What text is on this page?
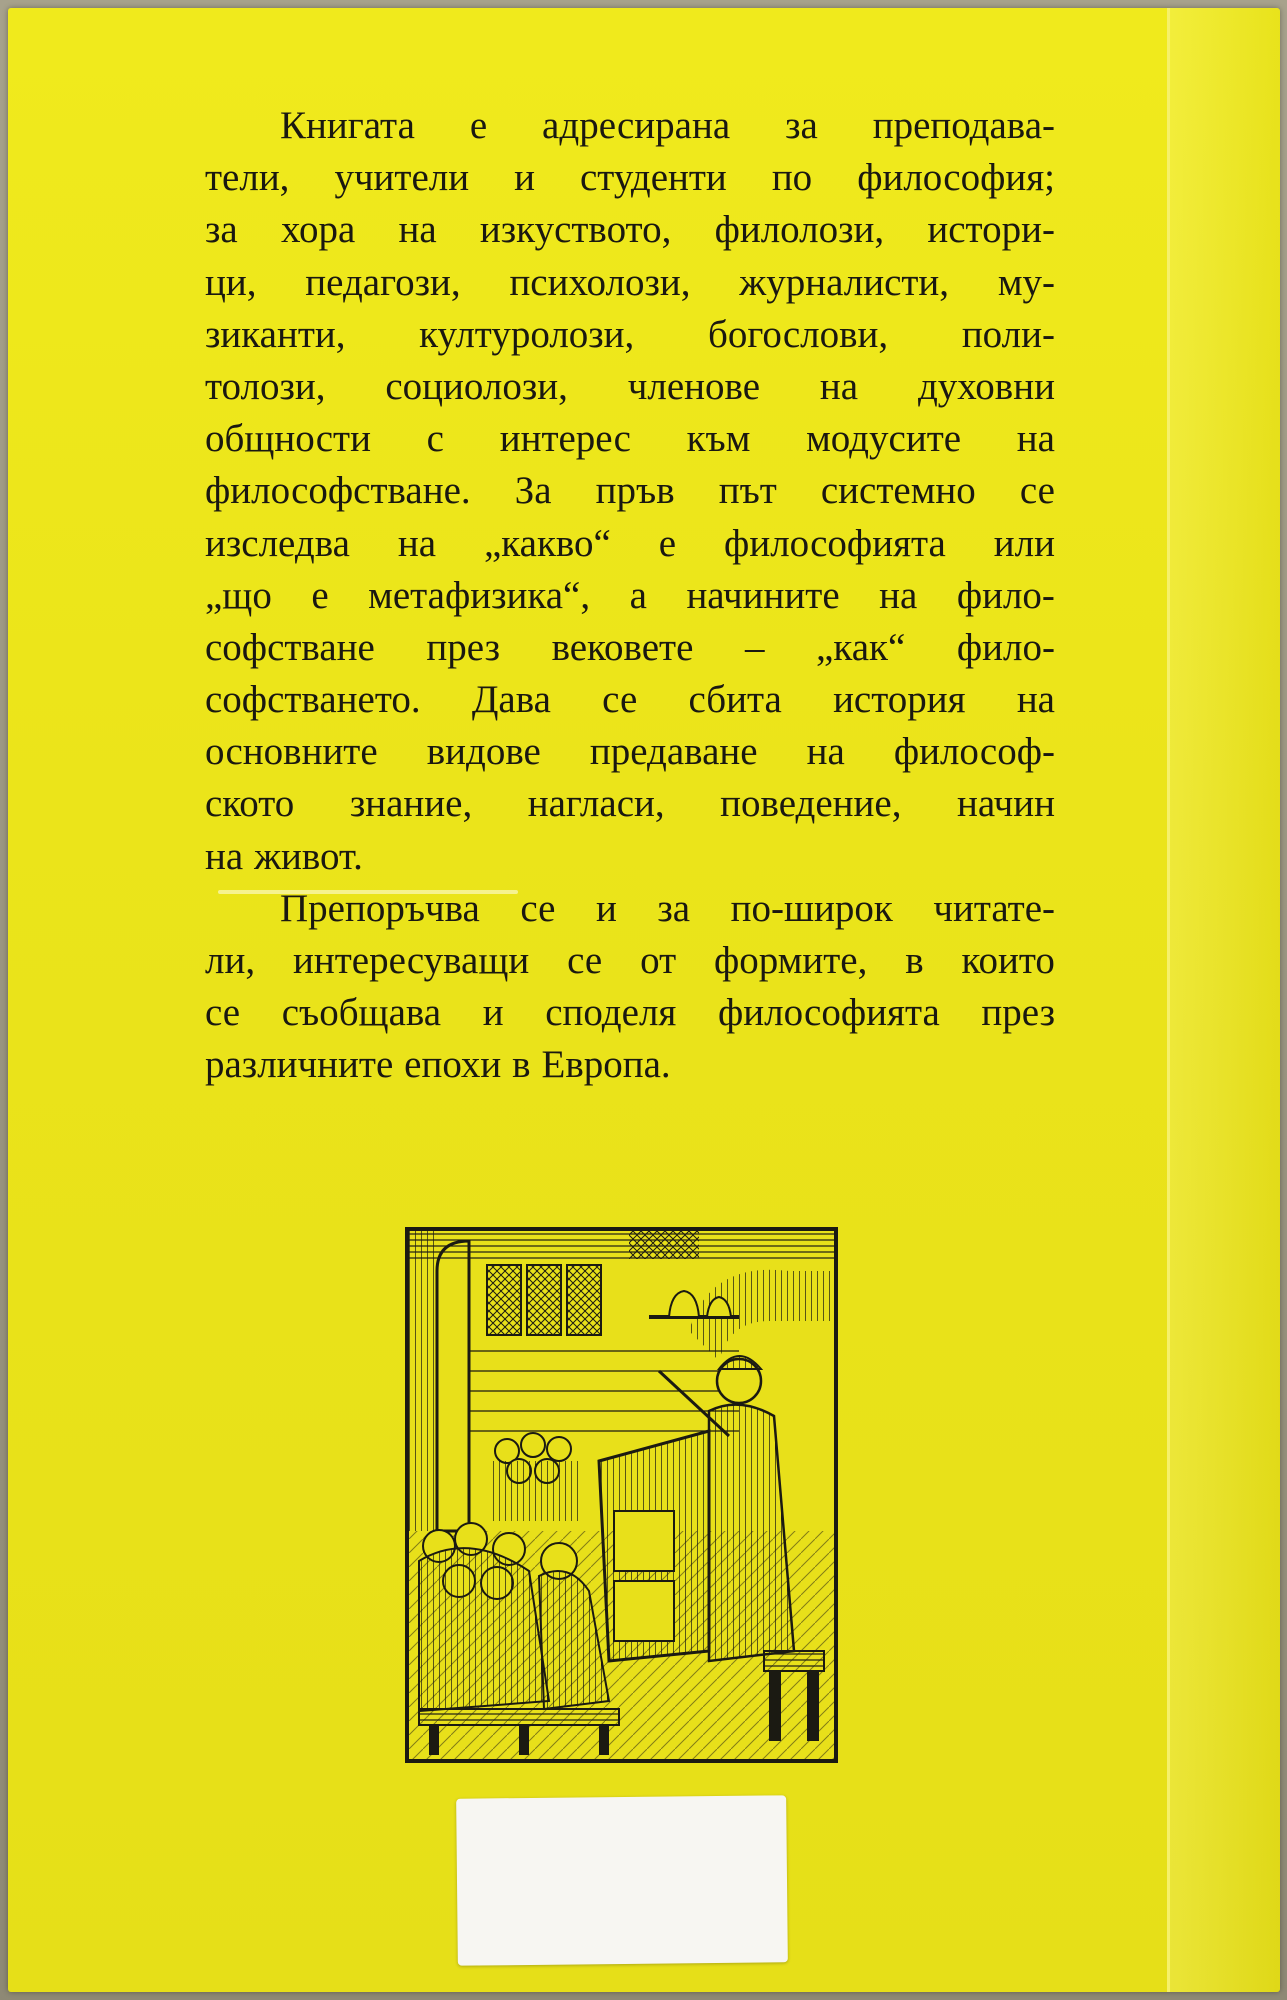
Книгата е адресирана за преподава-
тели, учители и студенти по философия;
за хора на изкуството, филолози, истори-
ци, педагози, психолози, журналисти, му-
зиканти, културолози, богослови, поли-
толози, социолози, членове на духовни
общности с интерес към модусите на
философстване. За пръв път системно се
изследва на „какво“ е философията или
„що е метафизика“, а начините на фило-
софстване през вековете – „как“ фило-
софстването. Дава се сбита история на
основните видове предаване на философ-
ското знание, нагласи, поведение, начин
на живот.
Препоръчва се и за по-широк читате-
ли, интересуващи се от формите, в които
се съобщава и споделя философията през
различните епохи в Европа.
